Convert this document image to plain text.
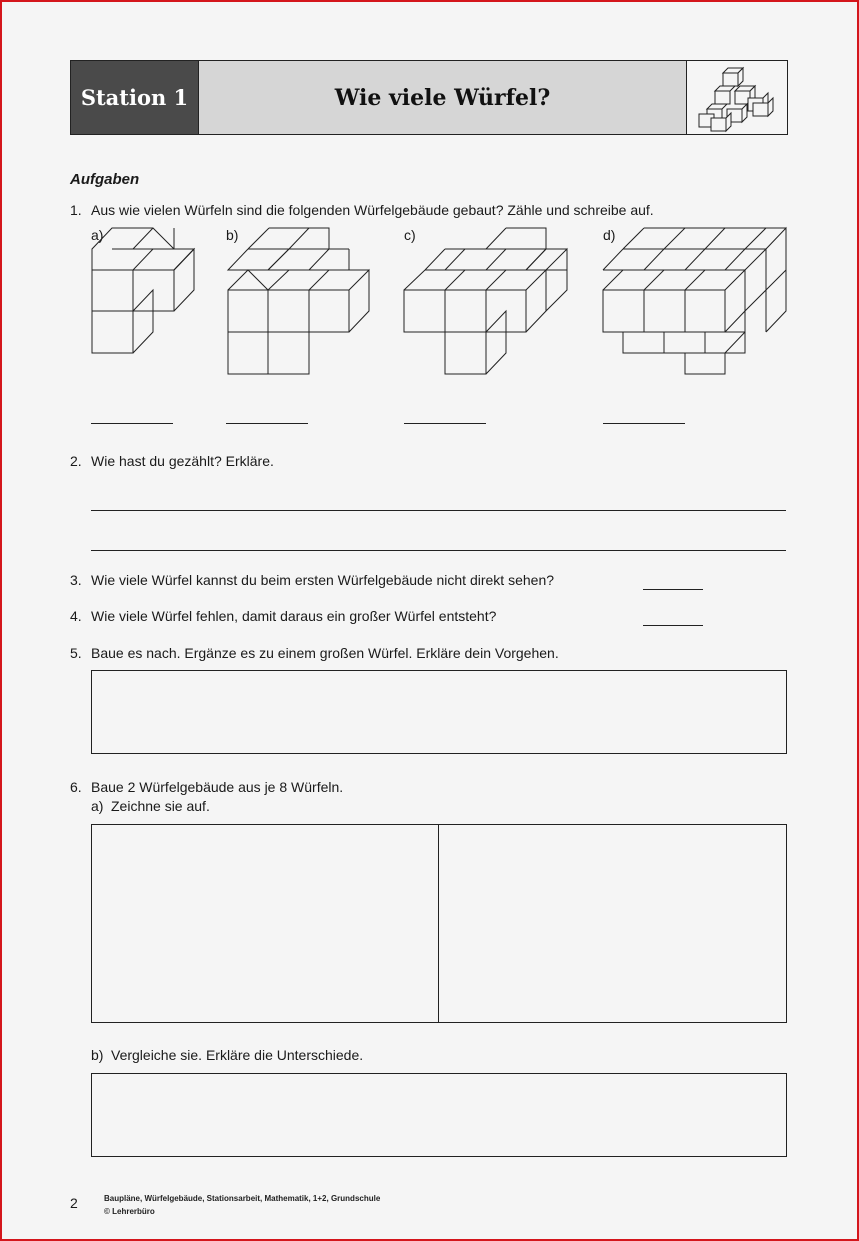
Station 1	Wie viele Würfel?
Aufgaben
1. Aus wie vielen Würfeln sind die folgenden Würfelgebäude gebaut? Zähle und schreibe auf.
a)	b)	c)	d)
2. Wie hast du gezählt? Erkläre.
3. Wie viele Würfel kannst du beim ersten Würfelgebäude nicht direkt sehen?
4. Wie viele Würfel fehlen, damit daraus ein großer Würfel entsteht?
5. Baue es nach. Ergänze es zu einem großen Würfel. Erkläre dein Vorgehen.
6. Baue 2 Würfelgebäude aus je 8 Würfeln.
a) Zeichne sie auf.
b) Vergleiche sie. Erkläre die Unterschiede.
2	Baupläne, Würfelgebäude, Stationsarbeit, Mathematik, 1+2, Grundschule
© Lehrerbüro
